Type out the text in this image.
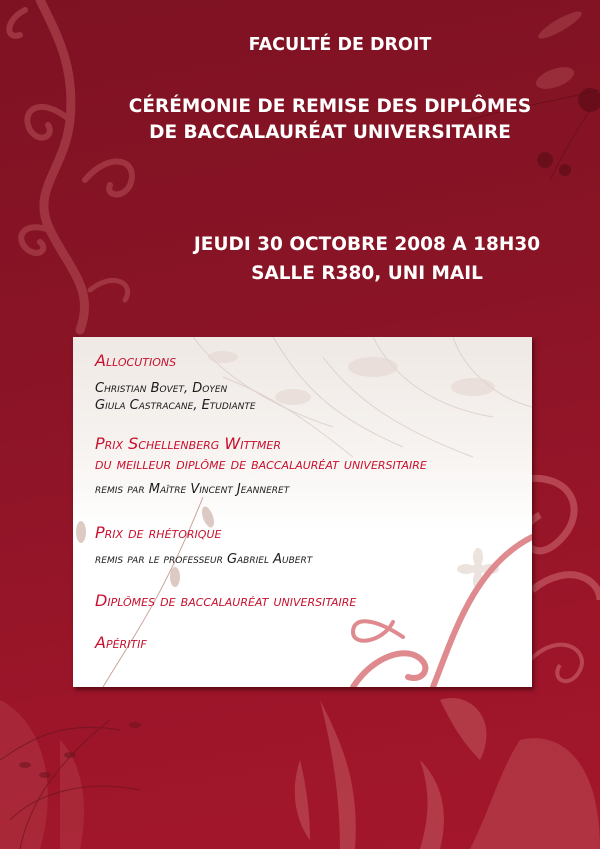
FACULTÉ DE DROIT
CÉRÉMONIE DE REMISE DES DIPLÔMES
DE BACCALAURÉAT UNIVERSITAIRE
JEUDI 30 OCTOBRE 2008 A 18H30
SALLE R380, UNI MAIL
Allocutions
Christian Bovet, Doyen
Giula Castracane, Etudiante
Prix Schellenberg Wittmer
du meilleur diplôme de baccalauréat universitaire
remis par Maître Vincent Jeanneret
Prix de rhétorique
remis par le professeur Gabriel Aubert
Diplômes de baccalauréat universitaire
Apéritif
